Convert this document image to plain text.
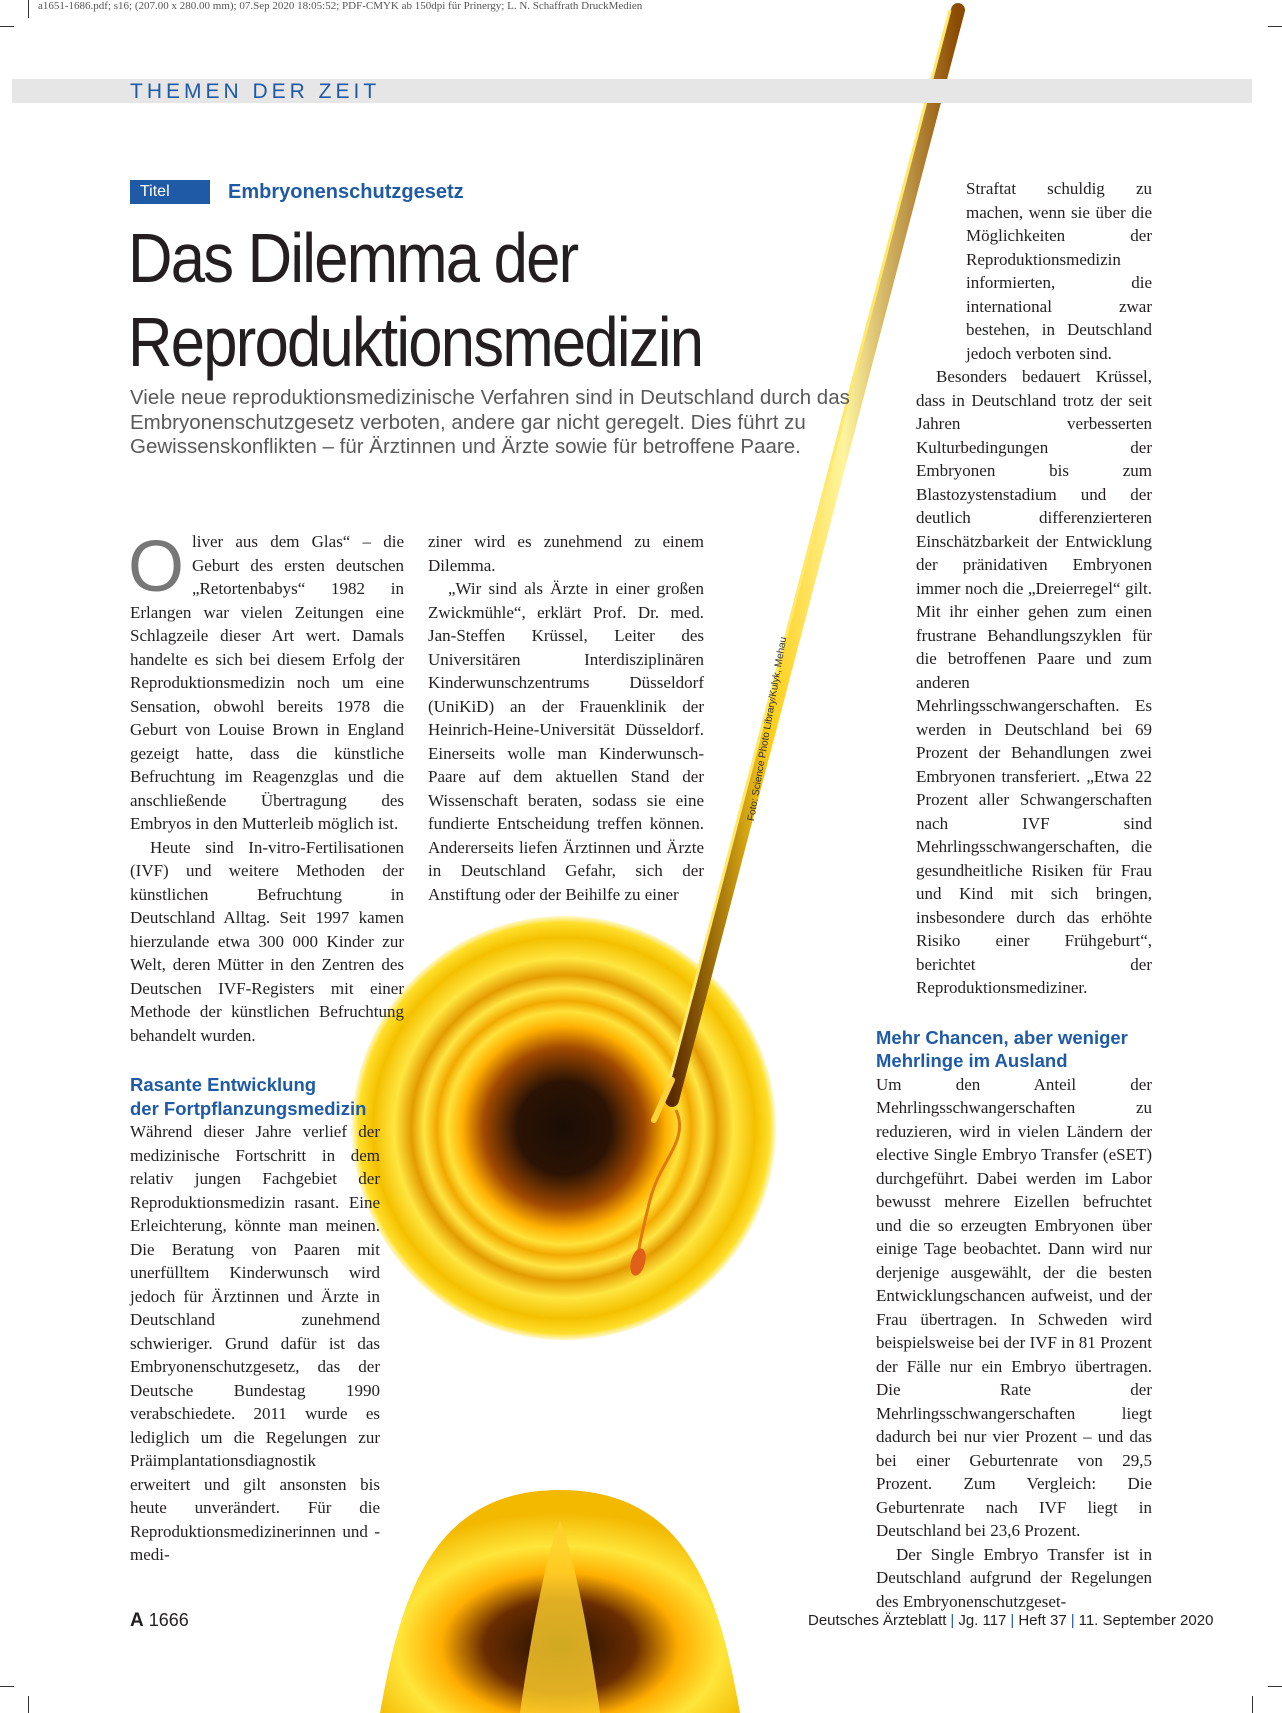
a1651-1686.pdf; s16; (207.00 x 280.00 mm); 07.Sep 2020 18:05:52; PDF-CMYK ab 150dpi für Prinergy; L. N. Schaffrath DruckMedien
Foto: Science Photo Library/Kulyk, Mehau
THEMEN DER ZEIT
Titel	Embryonenschutzgesetz
Das Dilemma der
Reproduktionsmedizin
Viele neue reproduktionsmedizinische Verfahren sind in Deutschland durch das Embryonenschutzgesetz verboten, andere gar nicht geregelt. Dies führt zu Gewissenskonflikten – für Ärztinnen und Ärzte sowie für betroffene Paare.

Oliver aus dem Glas“ – die Geburt des ersten deutschen „Retortenbabys“ 1982 in Erlangen war vielen Zeitungen eine Schlagzeile dieser Art wert. Damals handelte es sich bei diesem Erfolg der Reproduktionsmedizin noch um eine Sensation, obwohl bereits 1978 die Geburt von Louise Brown in England gezeigt hatte, dass die künstliche Befruchtung im Reagenzglas und die anschließende Übertragung des Embryos in den Mutterleib möglich ist.

Heute sind In-vitro-Fertilisationen (IVF) und weitere Methoden der künstlichen Befruchtung in Deutschland Alltag. Seit 1997 kamen hierzulande etwa 300 000 Kinder zur Welt, deren Mütter in den Zentren des Deutschen IVF-Registers mit einer Methode der künstlichen Befruchtung behandelt wurden.

Rasante Entwicklung
der Fortpflanzungsmedizin

Während dieser Jahre verlief der medizinische Fortschritt in dem relativ jungen Fachgebiet der Reproduktionsmedizin rasant. Eine Erleichterung, könnte man meinen. Die Beratung von Paaren mit unerfülltem Kinderwunsch wird jedoch für Ärztinnen und Ärzte in Deutschland zunehmend schwieriger. Grund dafür ist das Embryonenschutzgesetz, das der Deutsche Bundestag 1990 verabschiedete. 2011 wurde es lediglich um die Regelungen zur Präimplantationsdiagnostik erweitert und gilt ansonsten bis heute unverändert. Für die Reproduktionsmedizinerinnen und -medi-

ziner wird es zunehmend zu einem Dilemma.

„Wir sind als Ärzte in einer großen Zwickmühle“, erklärt Prof. Dr. med. Jan-Steffen Krüssel, Leiter des Universitären Interdisziplinären Kinderwunschzentrums Düsseldorf (UniKiD) an der Frauenklinik der Heinrich-Heine-Universität Düsseldorf. Einerseits wolle man Kinderwunsch-Paare auf dem aktuellen Stand der Wissenschaft beraten, sodass sie eine fundierte Entscheidung treffen können. Andererseits liefen Ärztinnen und Ärzte in Deutschland Gefahr, sich der Anstiftung oder der Beihilfe zu einer

Straftat schuldig zu machen, wenn sie über die Möglichkeiten der Reproduktionsmedizin informierten, die international zwar bestehen, in Deutschland jedoch verboten sind.

Besonders bedauert Krüssel, dass in Deutschland trotz der seit Jahren verbesserten Kulturbedingungen der Embryonen bis zum Blastozystenstadium und der deutlich differenzierteren Einschätzbarkeit der Entwicklung der pränidativen Embryonen immer noch die „Dreierregel“ gilt. Mit ihr einher gehen zum einen frustrane Behandlungszyklen für die betroffenen Paare und zum anderen Mehrlingsschwangerschaften. Es werden in Deutschland bei 69 Prozent der Behandlungen zwei Embryonen transferiert. „Etwa 22 Prozent aller Schwangerschaften nach IVF sind Mehrlingsschwangerschaften, die gesundheitliche Risiken für Frau und Kind mit sich bringen, insbesondere durch das erhöhte Risiko einer Frühgeburt“, berichtet der Reproduktionsmediziner.

Mehr Chancen, aber weniger
Mehrlinge im Ausland

Um den Anteil der Mehrlingsschwangerschaften zu reduzieren, wird in vielen Ländern der elective Single Embryo Transfer (eSET) durchgeführt. Dabei werden im Labor bewusst mehrere Eizellen befruchtet und die so erzeugten Embryonen über einige Tage beobachtet. Dann wird nur derjenige ausgewählt, der die besten Entwicklungschancen aufweist, und der Frau übertragen. In Schweden wird beispielsweise bei der IVF in 81 Prozent der Fälle nur ein Embryo übertragen. Die Rate der Mehrlingsschwangerschaften liegt dadurch bei nur vier Prozent – und das bei einer Geburtenrate von 29,5 Prozent. Zum Vergleich: Die Geburtenrate nach IVF liegt in Deutschland bei 23,6 Prozent.

Der Single Embryo Transfer ist in Deutschland aufgrund der Regelungen des Embryonenschutzgeset-

A 1666	Deutsches Ärzteblatt | Jg. 117 | Heft 37 | 11. September 2020
